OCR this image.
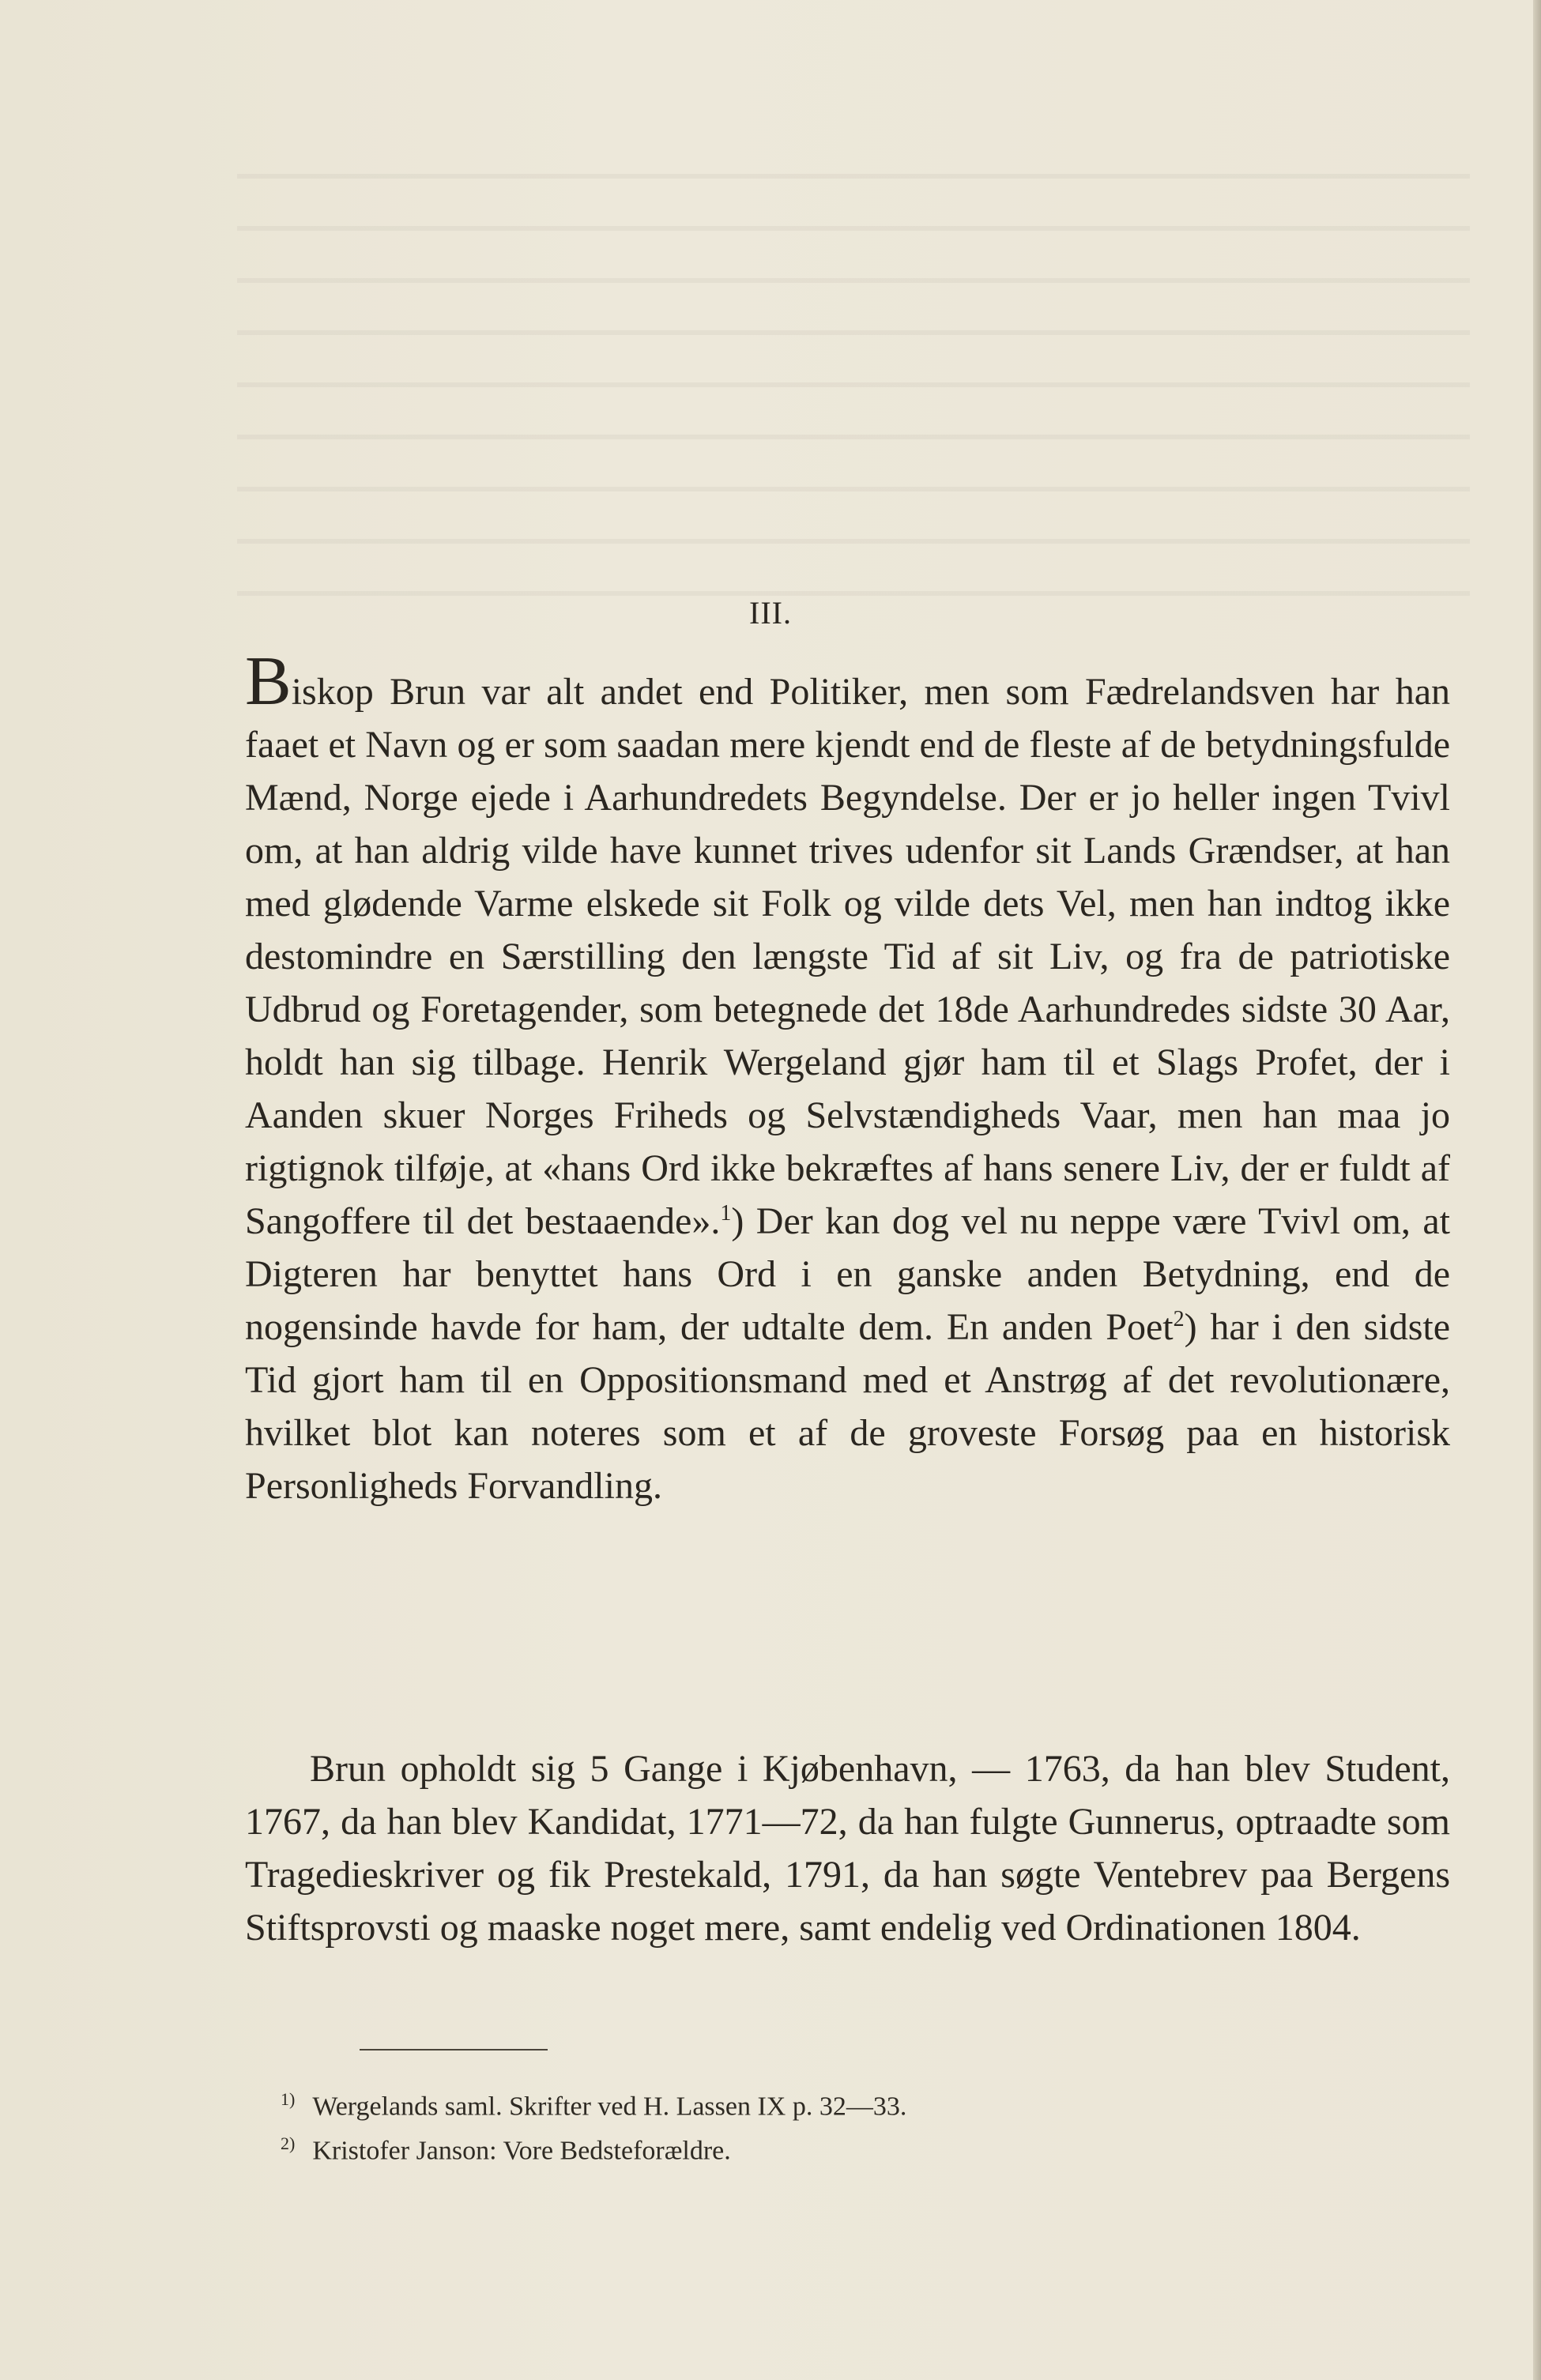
III.

Biskop Brun var alt andet end Politiker, men som Fædrelandsven har han faaet et Navn og er som saadan mere kjendt end de fleste af de betydningsfulde Mænd, Norge ejede i Aarhundredets Begyndelse. Der er jo heller ingen Tvivl om, at han aldrig vilde have kunnet trives udenfor sit Lands Grændser, at han med glødende Varme elskede sit Folk og vilde dets Vel, men han indtog ikke destomindre en Særstilling den længste Tid af sit Liv, og fra de patriotiske Udbrud og Foretagender, som betegnede det 18de Aarhundredes sidste 30 Aar, holdt han sig tilbage. Henrik Wergeland gjør ham til et Slags Profet, der i Aanden skuer Norges Friheds og Selvstændigheds Vaar, men han maa jo rigtignok tilføje, at «hans Ord ikke bekræftes af hans senere Liv, der er fuldt af Sangoffere til det bestaaende».$^1$) Der kan dog vel nu neppe være Tvivl om, at Digteren har benyttet hans Ord i en ganske anden Betydning, end de nogensinde havde for ham, der udtalte dem. En anden Poet$^2$) har i den sidste Tid gjort ham til en Oppositionsmand med et Anstrøg af det revolutionære, hvilket blot kan noteres som et af de groveste Forsøg paa en historisk Personligheds Forvandling.

Brun opholdt sig 5 Gange i Kjøbenhavn, — 1763, da han blev Student, 1767, da han blev Kandidat, 1771—72, da han fulgte Gunnerus, optraadte som Tragedieskriver og fik Prestekald, 1791, da han søgte Ventebrev paa Bergens Stiftsprovsti og maaske noget mere, samt endelig ved Ordinationen 1804.

$^{1)}$ Wergelands saml. Skrifter ved H. Lassen IX p. 32—33.
$^{2)}$ Kristofer Janson: Vore Bedsteforældre.
